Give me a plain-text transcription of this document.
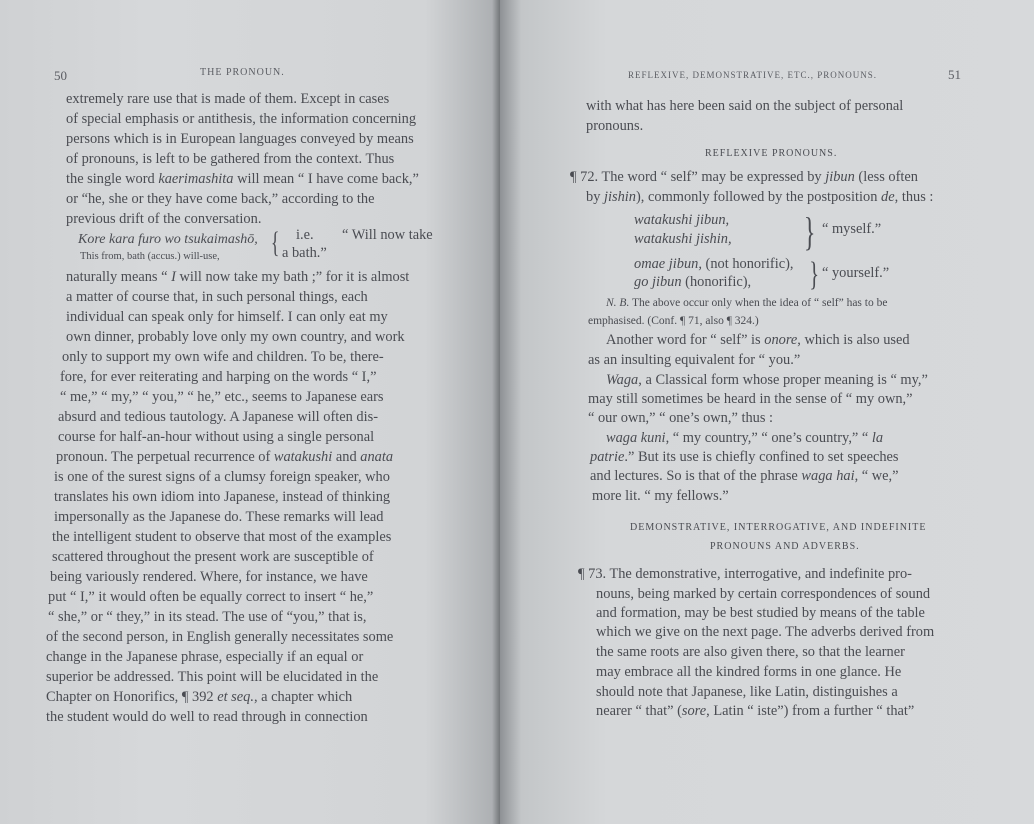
50	THE PRONOUN.
extremely rare use that is made of them. Except in cases
of special emphasis or antithesis, the information concerning
persons which is in European languages conveyed by means
of pronouns, is left to be gathered from the context. Thus
the single word kaerimashita will mean “ I have come back,”
or “he, she or they have come back,” according to the
previous drift of the conversation.
Kore kara furo wo tsukaimashō,
This from, bath (accus.) will-use, { i.e. “ Will now take
a bath.”
naturally means “ I will now take my bath ;” for it is almost
a matter of course that, in such personal things, each
individual can speak only for himself. I can only eat my
own dinner, probably love only my own country, and work
only to support my own wife and children. To be, there-
fore, for ever reiterating and harping on the words “ I,”
“ me,” “ my,” “ you,” “ he,” etc., seems to Japanese ears
absurd and tedious tautology. A Japanese will often dis-
course for half-an-hour without using a single personal
pronoun. The perpetual recurrence of watakushi and anata
is one of the surest signs of a clumsy foreign speaker, who
translates his own idiom into Japanese, instead of thinking
impersonally as the Japanese do. These remarks will lead
the intelligent student to observe that most of the examples
scattered throughout the present work are susceptible of
being variously rendered. Where, for instance, we have
put “ I,” it would often be equally correct to insert “ he,”
“ she,” or “ they,” in its stead. The use of “you,” that is,
of the second person, in English generally necessitates some
change in the Japanese phrase, especially if an equal or
superior be addressed. This point will be elucidated in the
Chapter on Honorifics, ¶ 392 et seq., a chapter which
the student would do well to read through in connection
REFLEXIVE, DEMONSTRATIVE, ETC., PRONOUNS.	51
with what has here been said on the subject of personal
pronouns.
REFLEXIVE PRONOUNS.
¶ 72. The word “ self” may be expressed by jibun (less often
by jishin), commonly followed by the postposition de, thus :
watakushi jibun,
watakushi jishin, } “ myself.”
omae jibun, (not honorific),
go jibun (honorific), } “ yourself.”
N. B. The above occur only when the idea of “ self” has to be
emphasised. (Conf. ¶ 71, also ¶ 324.)
Another word for “ self” is onore, which is also used
as an insulting equivalent for “ you.”
Waga, a Classical form whose proper meaning is “ my,”
may still sometimes be heard in the sense of “ my own,”
“ our own,” “ one’s own,” thus :
waga kuni, “ my country,” “ one’s country,” “ la
patrie.” But its use is chiefly confined to set speeches
and lectures. So is that of the phrase waga hai, “ we,”
more lit. “ my fellows.”
DEMONSTRATIVE, INTERROGATIVE, AND INDEFINITE
PRONOUNS AND ADVERBS.
¶ 73. The demonstrative, interrogative, and indefinite pro-
nouns, being marked by certain correspondences of sound
and formation, may be best studied by means of the table
which we give on the next page. The adverbs derived from
the same roots are also given there, so that the learner
may embrace all the kindred forms in one glance. He
should note that Japanese, like Latin, distinguishes a
nearer “ that” (sore, Latin “ iste”) from a further “ that”
